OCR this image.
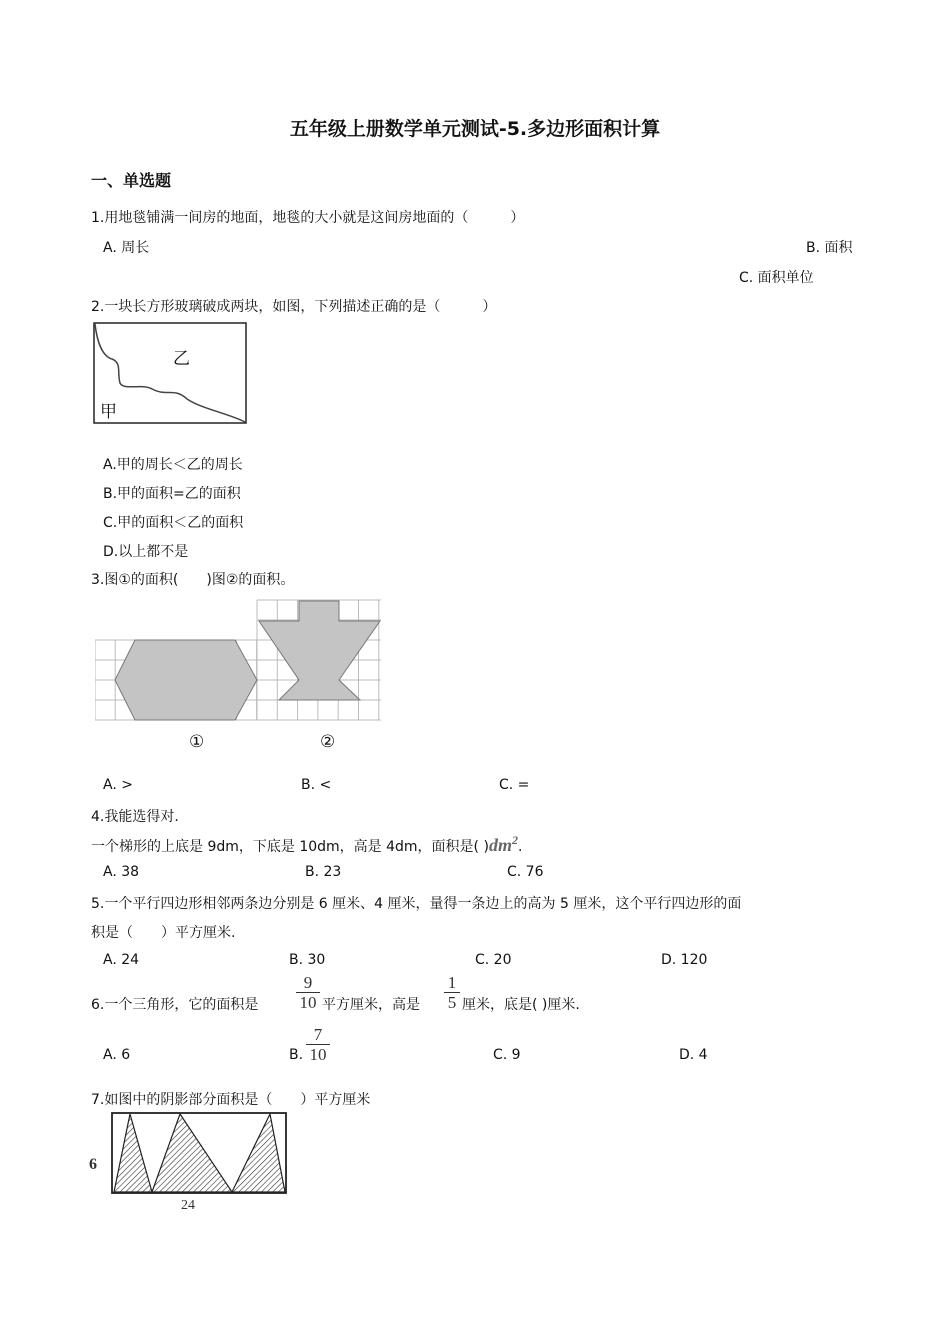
五年级上册数学单元测试-5.多边形面积计算
一、单选题
1.用地毯铺满一间房的地面，地毯的大小就是这间房地面的（　　　）
A. 周长	B. 面积
C. 面积单位
2.一块长方形玻璃破成两块，如图，下列描述正确的是（　　　）
乙
甲
A.甲的周长＜乙的周长
B.甲的面积=乙的面积
C.甲的面积＜乙的面积
D.以上都不是
3.图①的面积(　　)图②的面积。
①	②
A. >	B. <	C. =
4.我能选得对.
一个梯形的上底是 9dm，下底是 10dm，高是 4dm，面积是( )$dm^2$.
A. 38	B. 23	C. 76
5.一个平行四边形相邻两条边分别是 6 厘米、4 厘米，量得一条边上的高为 5 厘米，这个平行四边形的面
积是（　　）平方厘米.
A. 24	B. 30	C. 20	D. 120
6.一个三角形，它的面积是
9
10 平方厘米，高是
1
5 厘米，底是( )厘米.
A. 6	B.
7
10	C. 9	D. 4
7.如图中的阴影部分面积是（　　）平方厘米
6
24
